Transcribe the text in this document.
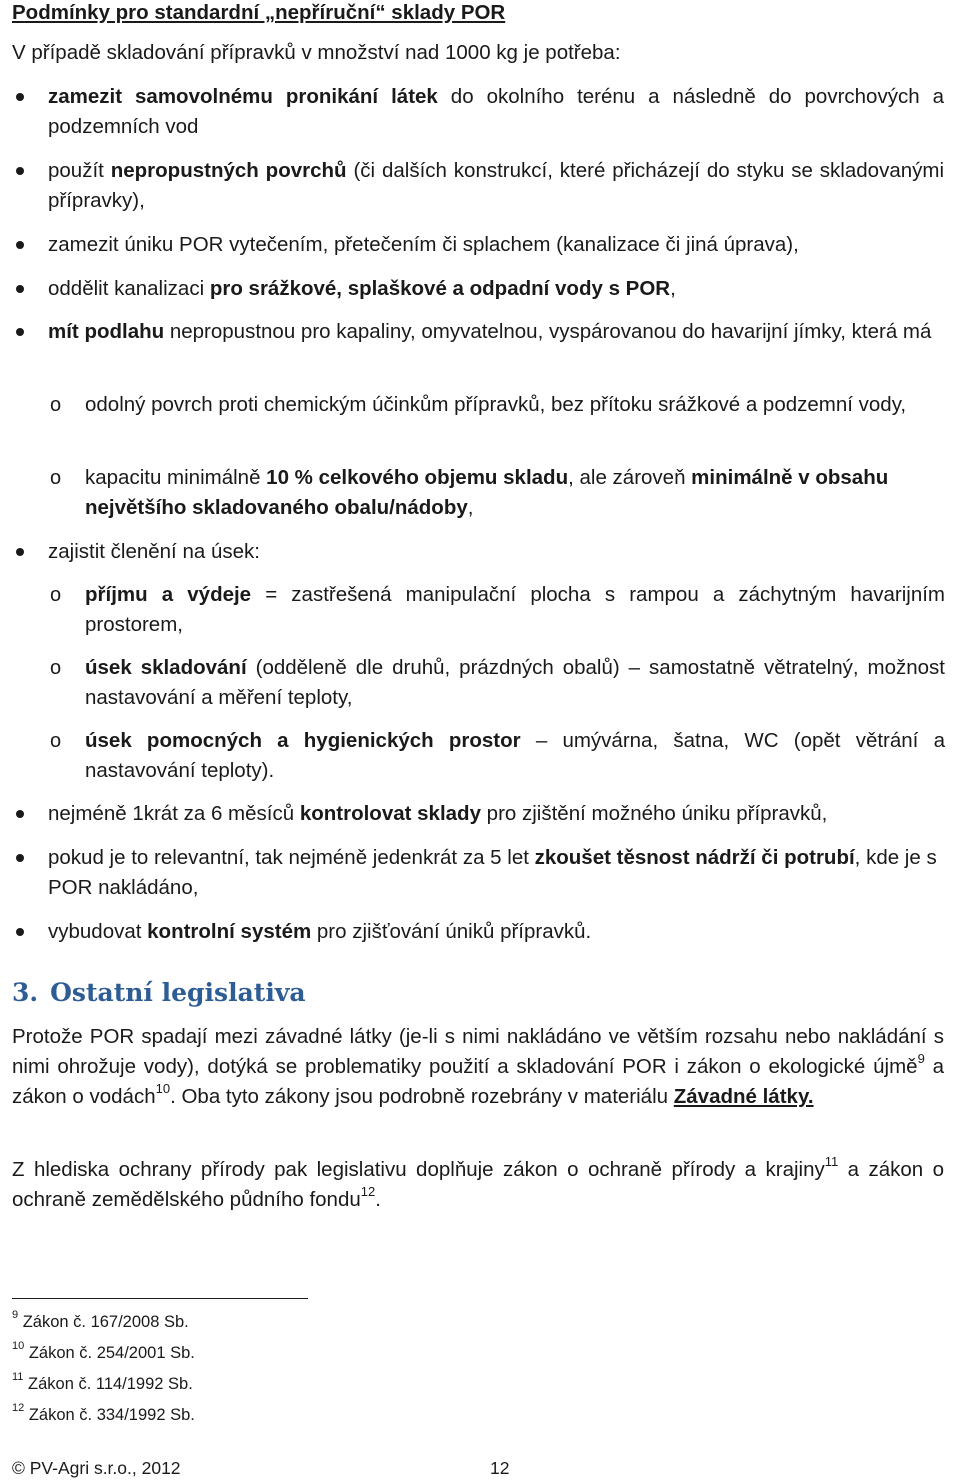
Podmínky pro standardní „nepříruční“ sklady POR
V případě skladování přípravků v množství nad 1000 kg je potřeba:
zamezit samovolnému pronikání látek do okolního terénu a následně do povrchových a podzemních vod
použít nepropustných povrchů (či dalších konstrukcí, které přicházejí do styku se skladovanými přípravky),
zamezit úniku POR vytečením, přetečením či splachem (kanalizace či jiná úprava),
oddělit kanalizaci pro srážkové, splaškové a odpadní vody s POR,
mít podlahu nepropustnou pro kapaliny, omyvatelnou, vyspárovanou do havarijní jímky, která má
o odolný povrch proti chemickým účinkům přípravků, bez přítoku srážkové a podzemní vody,
o kapacitu minimálně 10 % celkového objemu skladu, ale zároveň minimálně v obsahu největšího skladovaného obalu/nádoby,
zajistit členění na úsek:
o příjmu a výdeje = zastřešená manipulační plocha s rampou a záchytným havarijním prostorem,
o úsek skladování (odděleně dle druhů, prázdných obalů) – samostatně větratelný, možnost nastavování a měření teploty,
o úsek pomocných a hygienických prostor – umývárna, šatna, WC (opět větrání a nastavování teploty).
nejméně 1krát za 6 měsíců kontrolovat sklady pro zjištění možného úniku přípravků,
pokud je to relevantní, tak nejméně jedenkrát za 5 let zkoušet těsnost nádrží či potrubí, kde je s POR nakládáno,
vybudovat kontrolní systém pro zjišťování úniků přípravků.
3. Ostatní legislativa
Protože POR spadají mezi závadné látky (je-li s nimi nakládáno ve větším rozsahu nebo nakládání s nimi ohrožuje vody), dotýká se problematiky použití a skladování POR i zákon o ekologické újmě$^9$ a zákon o vodách$^{10}$. Oba tyto zákony jsou podrobně rozebrány v materiálu Závadné látky.
Z hlediska ochrany přírody pak legislativu doplňuje zákon o ochraně přírody a krajiny$^{11}$ a zákon o ochraně zemědělského půdního fondu$^{12}$.
$^9$ Zákon č. 167/2008 Sb.
$^{10}$ Zákon č. 254/2001 Sb.
$^{11}$ Zákon č. 114/1992 Sb.
$^{12}$ Zákon č. 334/1992 Sb.
© PV-Agri s.r.o., 2012	12
